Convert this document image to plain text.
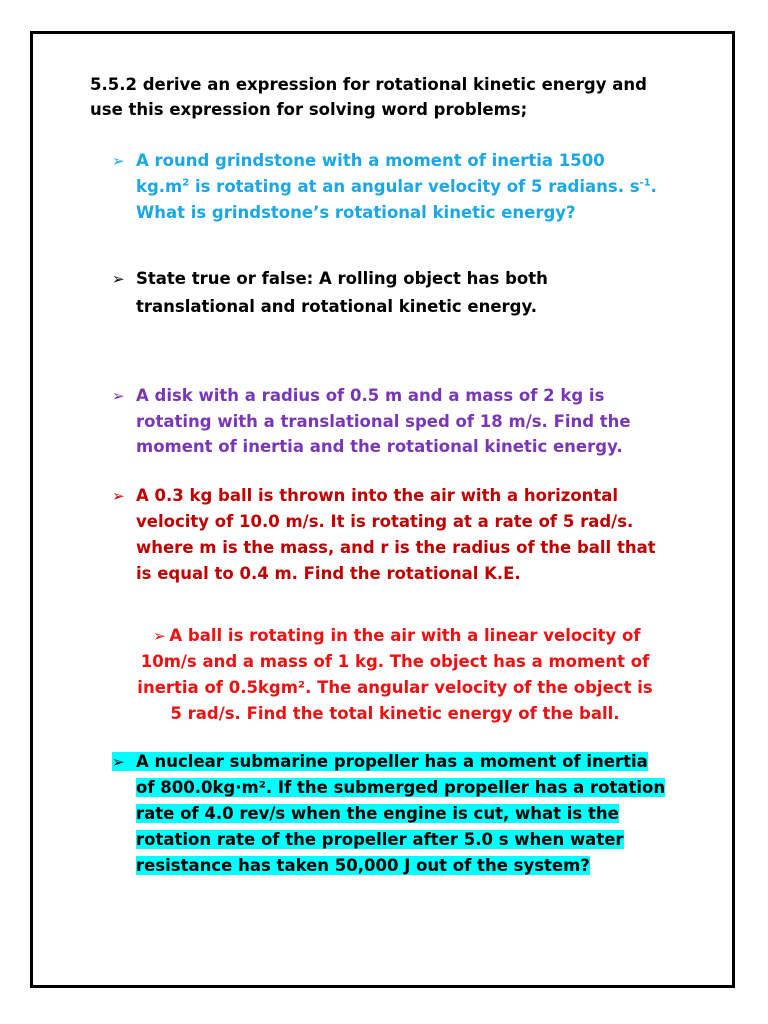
5.5.2 derive an expression for rotational kinetic energy and
use this expression for solving word problems;
➢ A round grindstone with a moment of inertia 1500
$kg.m^2$ is rotating at an angular velocity of 5 radians. $s^{-1}$.
What is grindstone’s rotational kinetic energy?
➢ State true or false: A rolling object has both
translational and rotational kinetic energy.
➢ A disk with a radius of 0.5 m and a mass of 2 kg is
rotating with a translational sped of 18 m/s. Find the
moment of inertia and the rotational kinetic energy.
➢ A 0.3 kg ball is thrown into the air with a horizontal
velocity of 10.0 m/s. It is rotating at a rate of 5 rad/s.
where m is the mass, and r is the radius of the ball that
is equal to 0.4 m. Find the rotational K.E.
➢ A ball is rotating in the air with a linear velocity of
10m/s and a mass of 1 kg. The object has a moment of
inertia of 0.5kgm². The angular velocity of the object is
5 rad/s. Find the total kinetic energy of the ball.
➢ A nuclear submarine propeller has a moment of inertia
of 800.0kg·m². If the submerged propeller has a rotation
rate of 4.0 rev/s when the engine is cut, what is the
rotation rate of the propeller after 5.0 s when water
resistance has taken 50,000 J out of the system?
